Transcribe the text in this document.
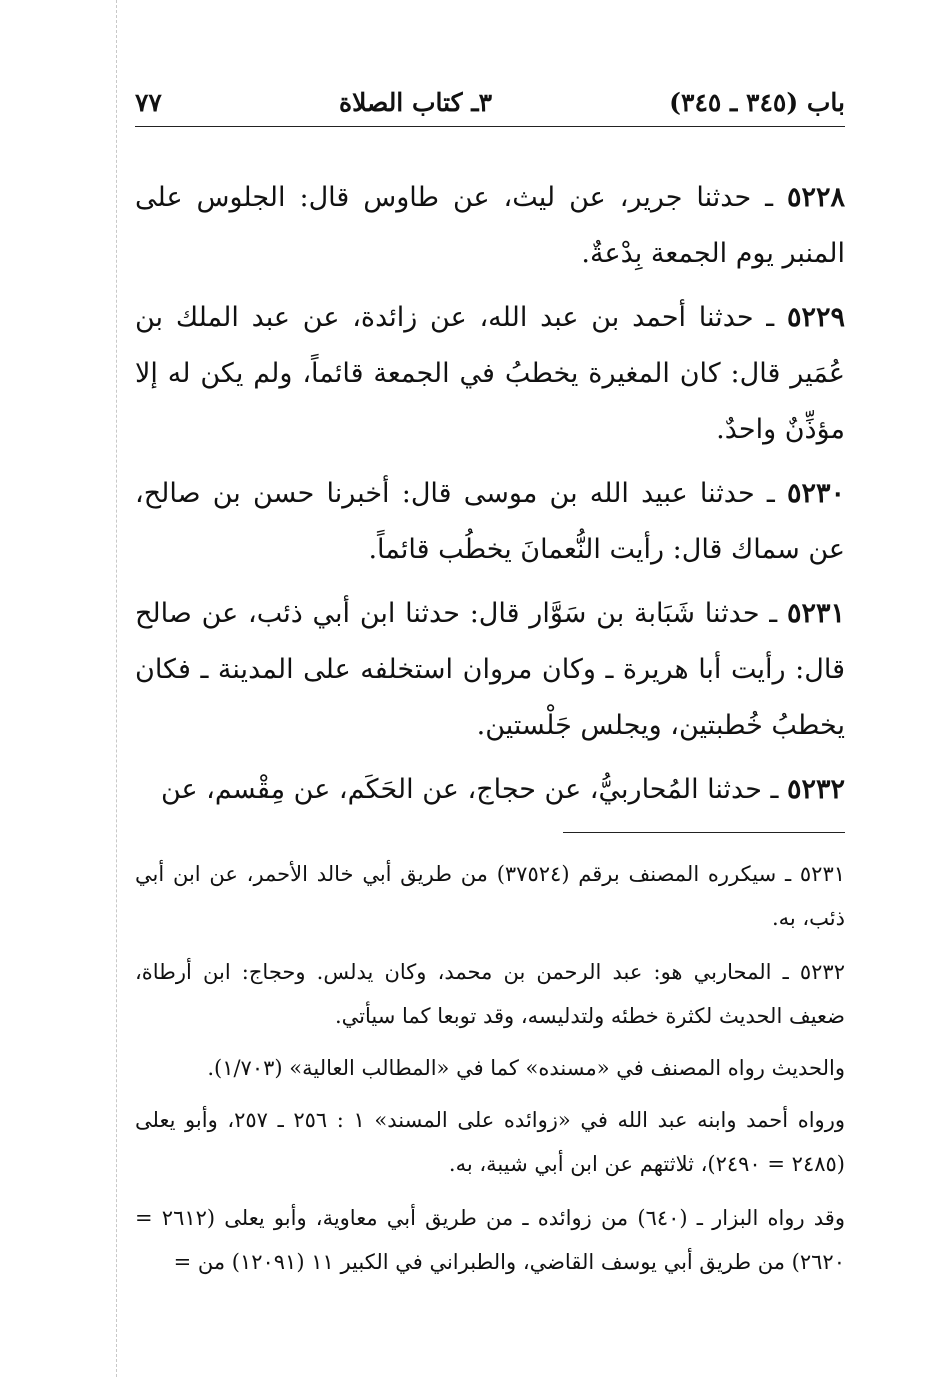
باب (٣٤٥ ـ ٣٤٥)
٣ـ كتاب الصلاة
٧٧

٥٢٢٨ ـ حدثنا جرير، عن ليث، عن طاوس قال: الجلوس على المنبر يوم الجمعة بِدْعةٌ.

٥٢٢٩ ـ حدثنا أحمد بن عبد الله، عن زائدة، عن عبد الملك بن عُمَير قال: كان المغيرة يخطبُ في الجمعة قائماً، ولم يكن له إلا مؤذِّنٌ واحدٌ.

٥٢٣٠ ـ حدثنا عبيد الله بن موسى قال: أخبرنا حسن بن صالح، عن سماك قال: رأيت النُّعمانَ يخطُب قائماً.

٥٢٣١ ـ حدثنا شَبَابة بن سَوَّار قال: حدثنا ابن أبي ذئب، عن صالح قال: رأيت أبا هريرة ـ وكان مروان استخلفه على المدينة ـ فكان يخطبُ خُطبتين، ويجلس جَلْستين.

٥٢٣٢ ـ حدثنا المُحاربيُّ، عن حجاج، عن الحَكَم، عن مِقْسم، عن

٥٢٣١ ـ سيكرره المصنف برقم (٣٧٥٢٤) من طريق أبي خالد الأحمر، عن ابن أبي ذئب، به.

٥٢٣٢ ـ المحاربي هو: عبد الرحمن بن محمد، وكان يدلس. وحجاج: ابن أرطاة، ضعيف الحديث لكثرة خطئه ولتدليسه، وقد توبعا كما سيأتي.

والحديث رواه المصنف في «مسنده» كما في «المطالب العالية» (١/٧٠٣).

ورواه أحمد وابنه عبد الله في «زوائده على المسند» ١ : ٢٥٦ ـ ٢٥٧، وأبو يعلى (٢٤٨٥ = ٢٤٩٠)، ثلاثتهم عن ابن أبي شيبة، به.

وقد رواه البزار ـ (٦٤٠) من زوائده ـ من طريق أبي معاوية، وأبو يعلى (٢٦١٢ = ٢٦٢٠) من طريق أبي يوسف القاضي، والطبراني في الكبير ١١ (١٢٠٩١) من =
